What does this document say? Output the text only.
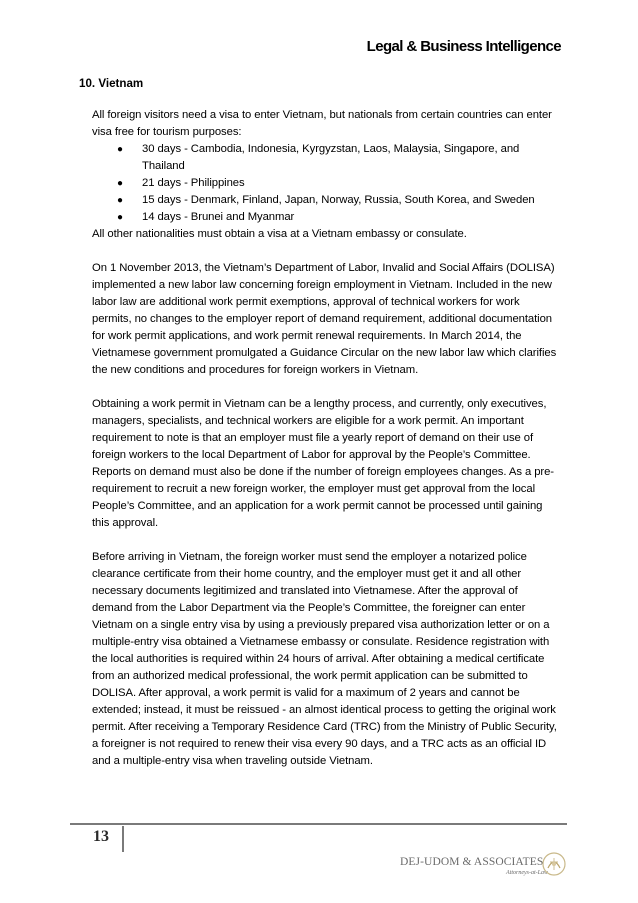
Legal & Business Intelligence
10. Vietnam

All foreign visitors need a visa to enter Vietnam, but nationals from certain countries can enter visa free for tourism purposes:

● 30 days - Cambodia, Indonesia, Kyrgyzstan, Laos, Malaysia, Singapore, and Thailand
● 21 days - Philippines
● 15 days - Denmark, Finland, Japan, Norway, Russia, South Korea, and Sweden
● 14 days - Brunei and Myanmar

All other nationalities must obtain a visa at a Vietnam embassy or consulate.

On 1 November 2013, the Vietnam’s Department of Labor, Invalid and Social Affairs (DOLISA) implemented a new labor law concerning foreign employment in Vietnam. Included in the new labor law are additional work permit exemptions, approval of technical workers for work permits, no changes to the employer report of demand requirement, additional documentation for work permit applications, and work permit renewal requirements. In March 2014, the Vietnamese government promulgated a Guidance Circular on the new labor law which clarifies the new conditions and procedures for foreign workers in Vietnam.

Obtaining a work permit in Vietnam can be a lengthy process, and currently, only executives, managers, specialists, and technical workers are eligible for a work permit. An important requirement to note is that an employer must file a yearly report of demand on their use of foreign workers to the local Department of Labor for approval by the People’s Committee. Reports on demand must also be done if the number of foreign employees changes. As a pre-requirement to recruit a new foreign worker, the employer must get approval from the local People’s Committee, and an application for a work permit cannot be processed until gaining this approval.

Before arriving in Vietnam, the foreign worker must send the employer a notarized police clearance certificate from their home country, and the employer must get it and all other necessary documents legitimized and translated into Vietnamese. After the approval of demand from the Labor Department via the People’s Committee, the foreigner can enter Vietnam on a single entry visa by using a previously prepared visa authorization letter or on a multiple-entry visa obtained a Vietnamese embassy or consulate. Residence registration with the local authorities is required within 24 hours of arrival. After obtaining a medical certificate from an authorized medical professional, the work permit application can be submitted to DOLISA. After approval, a work permit is valid for a maximum of 2 years and cannot be extended; instead, it must be reissued - an almost identical process to getting the original work permit. After receiving a Temporary Residence Card (TRC) from the Ministry of Public Security, a foreigner is not required to renew their visa every 90 days, and a TRC acts as an official ID and a multiple-entry visa when traveling outside Vietnam.

13
DEJ-UDOM & ASSOCIATES
Attorneys-at-Law
